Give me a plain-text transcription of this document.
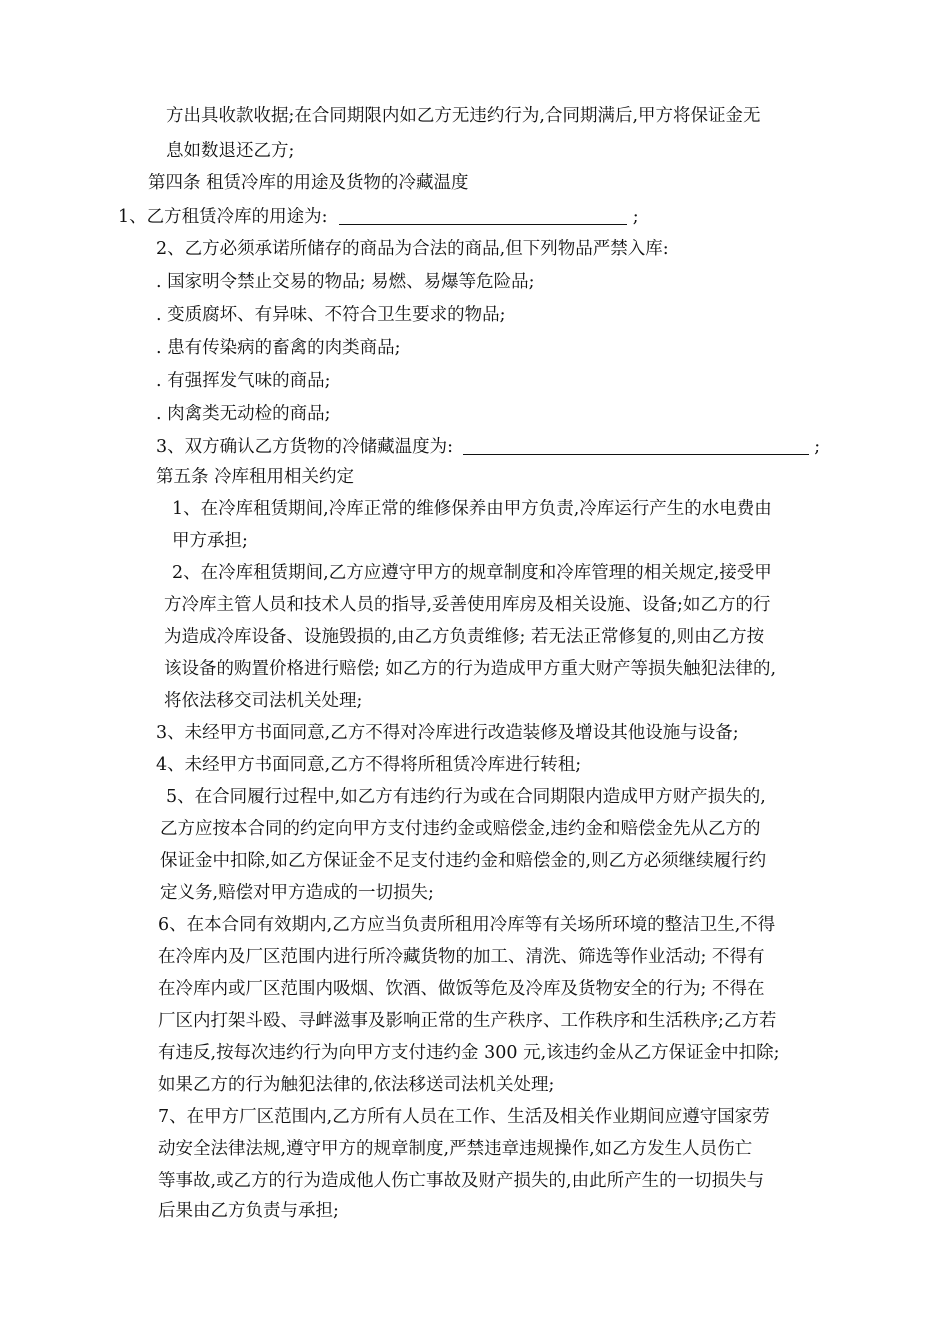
方出具收款收据;在合同期限内如乙方无违约行为,合同期满后,甲方将保证金无
息如数退还乙方;
第四条 租赁冷库的用途及货物的冷藏温度
1、乙方租赁冷库的用途为:	;
2、乙方必须承诺所储存的商品为合法的商品,但下列物品严禁入库:
. 国家明令禁止交易的物品; 易燃、易爆等危险品;
. 变质腐坏、有异味、不符合卫生要求的物品;
. 患有传染病的畜禽的肉类商品;
. 有强挥发气味的商品;
. 肉禽类无动检的商品;
3、双方确认乙方货物的冷储藏温度为:	;
第五条 冷库租用相关约定
1、在冷库租赁期间,冷库正常的维修保养由甲方负责,冷库运行产生的水电费由
甲方承担;
2、在冷库租赁期间,乙方应遵守甲方的规章制度和冷库管理的相关规定,接受甲
方冷库主管人员和技术人员的指导,妥善使用库房及相关设施、设备;如乙方的行
为造成冷库设备、设施毁损的,由乙方负责维修; 若无法正常修复的,则由乙方按
该设备的购置价格进行赔偿; 如乙方的行为造成甲方重大财产等损失触犯法律的,
将依法移交司法机关处理;
3、未经甲方书面同意,乙方不得对冷库进行改造装修及增设其他设施与设备;
4、未经甲方书面同意,乙方不得将所租赁冷库进行转租;
5、在合同履行过程中,如乙方有违约行为或在合同期限内造成甲方财产损失的,
乙方应按本合同的约定向甲方支付违约金或赔偿金,违约金和赔偿金先从乙方的
保证金中扣除,如乙方保证金不足支付违约金和赔偿金的,则乙方必须继续履行约
定义务,赔偿对甲方造成的一切损失;
6、在本合同有效期内,乙方应当负责所租用冷库等有关场所环境的整洁卫生,不得
在冷库内及厂区范围内进行所冷藏货物的加工、清洗、筛选等作业活动; 不得有
在冷库内或厂区范围内吸烟、饮酒、做饭等危及冷库及货物安全的行为; 不得在
厂区内打架斗殴、寻衅滋事及影响正常的生产秩序、工作秩序和生活秩序;乙方若
有违反,按每次违约行为向甲方支付违约金 300 元,该违约金从乙方保证金中扣除;
如果乙方的行为触犯法律的,依法移送司法机关处理;
7、在甲方厂区范围内,乙方所有人员在工作、生活及相关作业期间应遵守国家劳
动安全法律法规,遵守甲方的规章制度,严禁违章违规操作,如乙方发生人员伤亡
等事故,或乙方的行为造成他人伤亡事故及财产损失的,由此所产生的一切损失与
后果由乙方负责与承担;
